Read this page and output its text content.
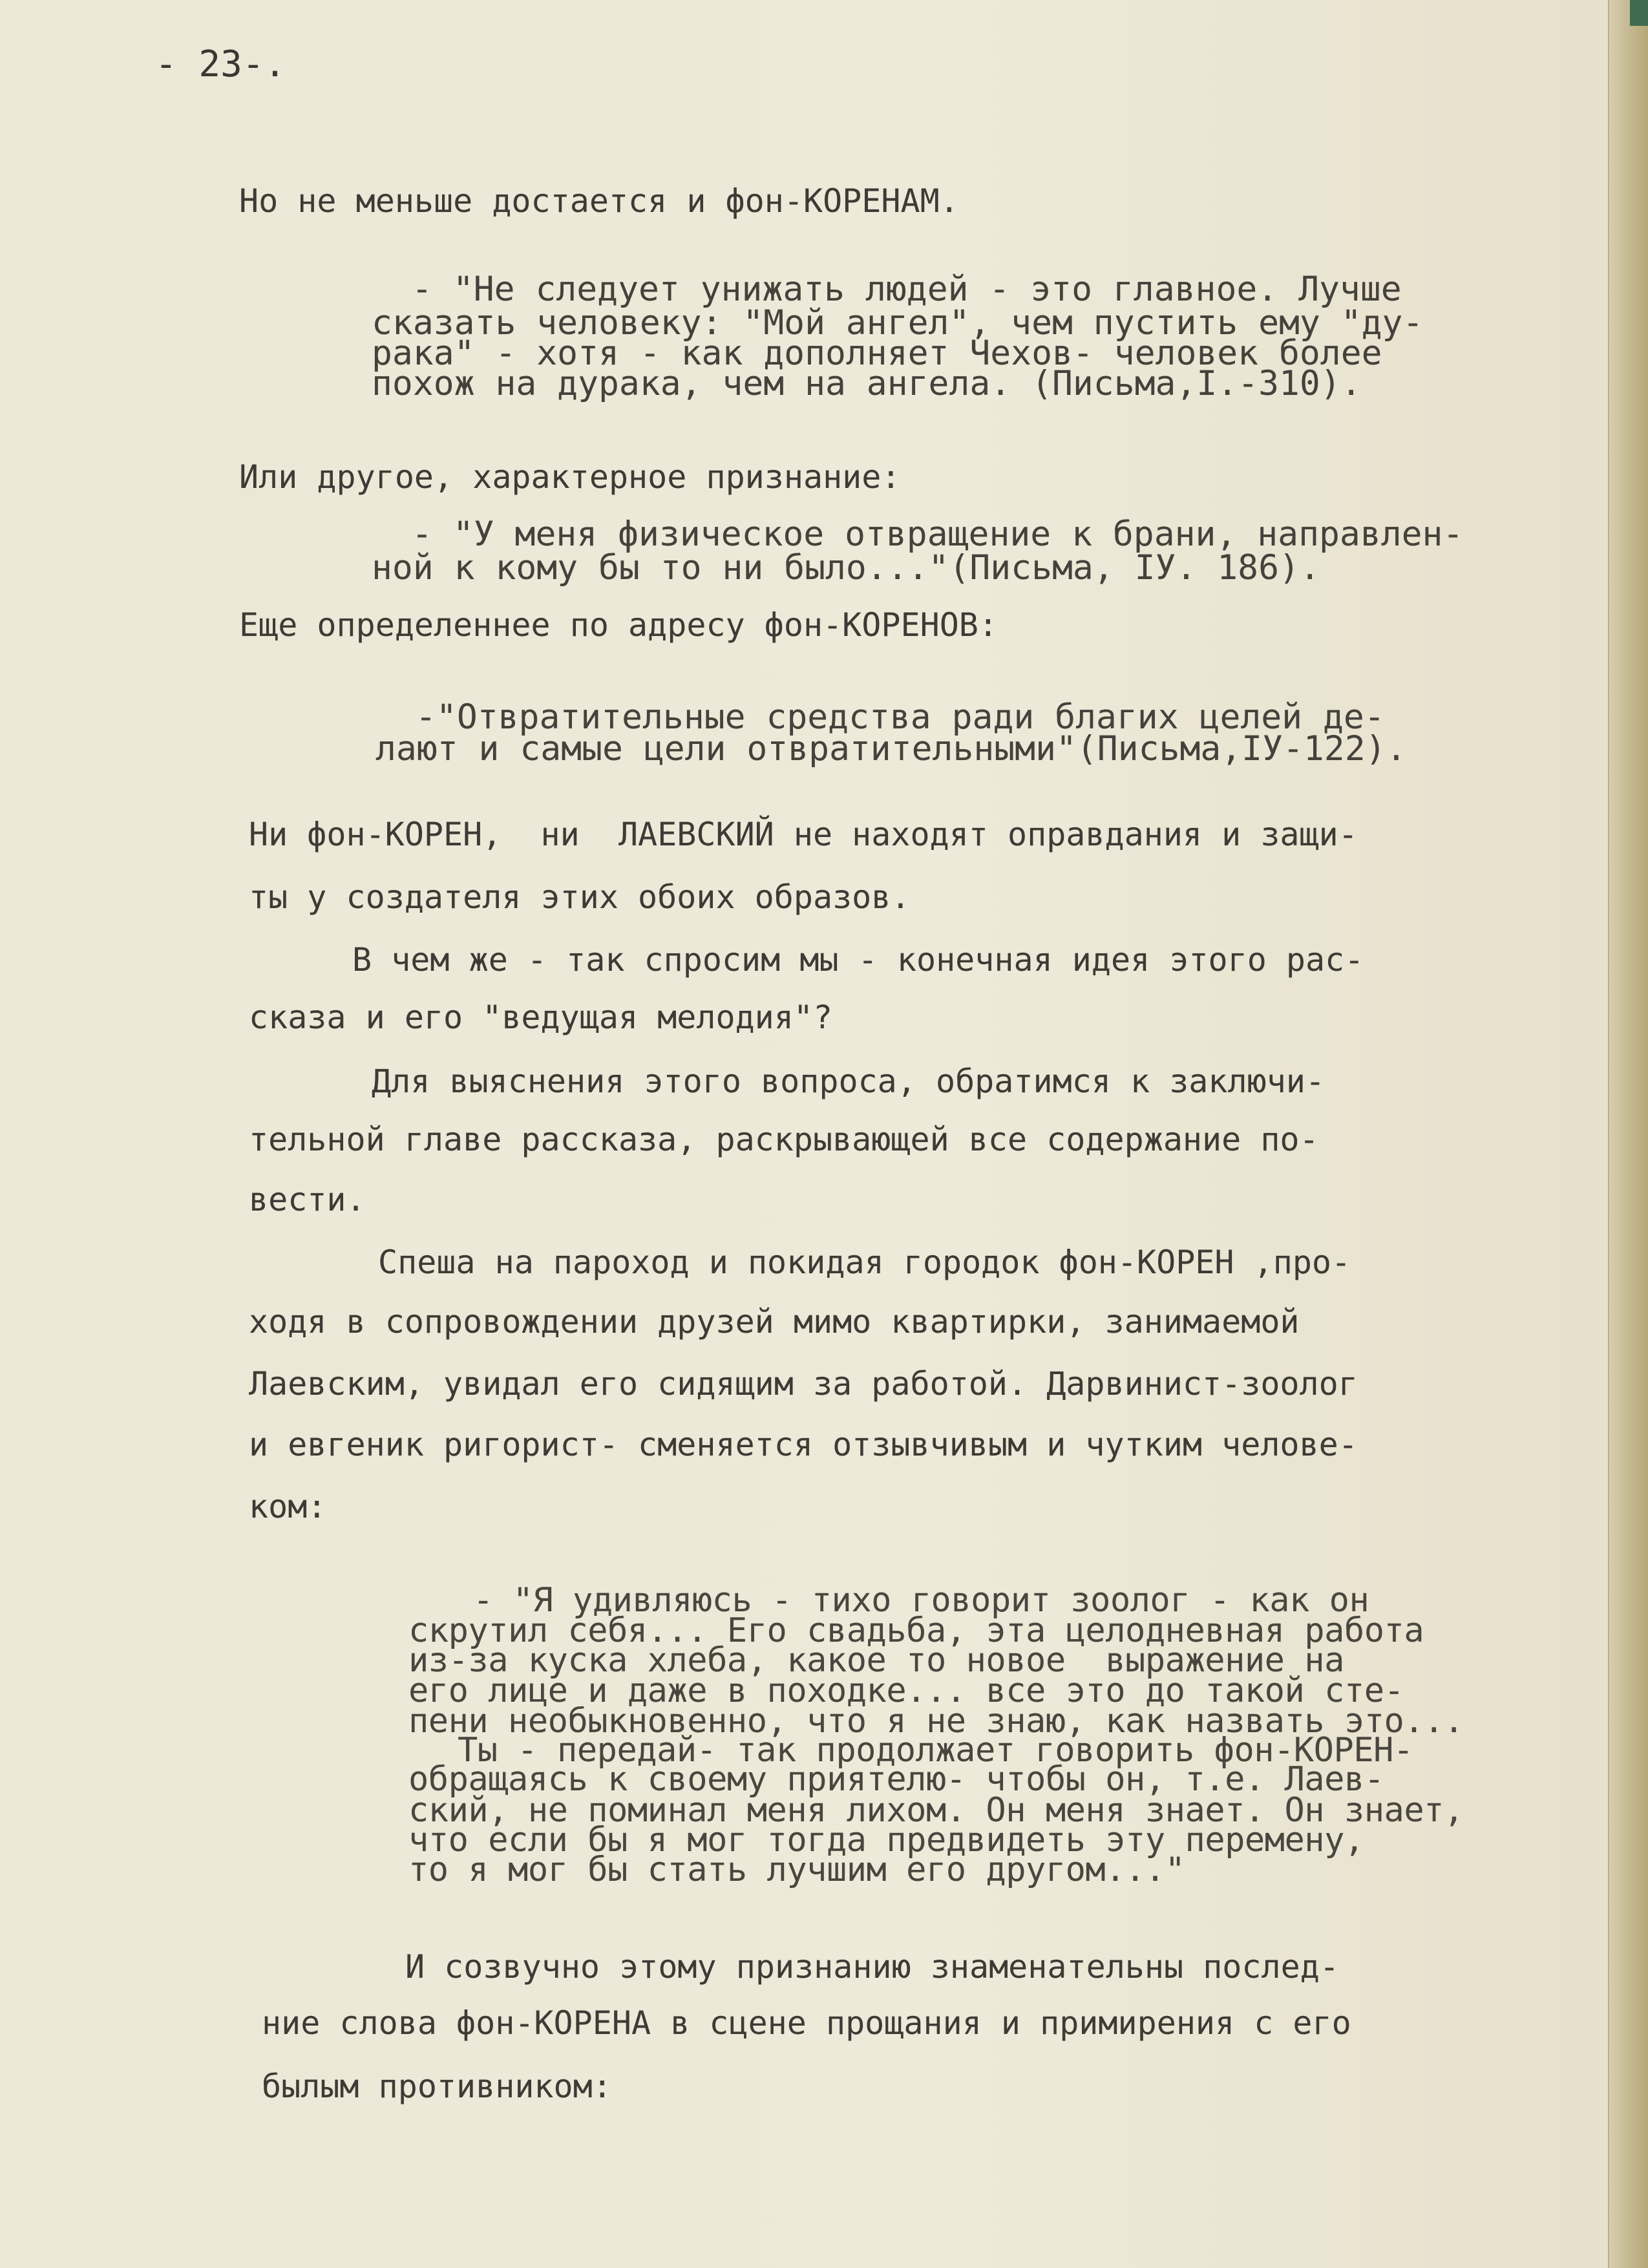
- 23-.

Но не меньше достается и фон-КОРЕНАМ.

- "Не следует унижать людей - это главное. Лучше

сказать человеку: "Мой ангел", чем пустить ему "ду-

рака" - хотя - как дополняет Чехов- человек более

похож на дурака, чем на ангела. (Письма,I.-310).

Или другое, характерное признание:

- "У меня физическое отвращение к брани, направлен-

ной к кому бы то ни было..."(Письма, IУ. 186).

Еще определеннее по адресу фон-КОРЕНОВ:

-"Отвратительные средства ради благих целей де-

лают и самые цели отвратительными"(Письма,IУ-122).

Ни фон-КОРЕН,  ни  ЛАЕВСКИЙ не находят оправдания и защи-

ты у создателя этих обоих образов.

В чем же - так спросим мы - конечная идея этого рас-

сказа и его "ведущая мелодия"?

Для выяснения этого вопроса, обратимся к заключи-

тельной главе рассказа, раскрывающей все содержание по-

вести.

Спеша на пароход и покидая городок фон-КОРЕН ,про-

ходя в сопровождении друзей мимо квартирки, занимаемой

Лаевским, увидал его сидящим за работой. Дарвинист-зоолог

и евгеник ригорист- сменяется отзывчивым и чутким челове-

ком:

- "Я удивляюсь - тихо говорит зоолог - как он

скрутил себя... Его свадьба, эта целодневная работа

из-за куска хлеба, какое то новое  выражение на

его лице и даже в походке... все это до такой сте-

пени необыкновенно, что я не знаю, как назвать это...

Ты - передай- так продолжает говорить фон-КОРЕН-

обращаясь к своему приятелю- чтобы он, т.е. Лаев-

ский, не поминал меня лихом. Он меня знает. Он знает,

что если бы я мог тогда предвидеть эту перемену,

то я мог бы стать лучшим его другом..."

И созвучно этому признанию знаменательны послед-

ние слова фон-КОРЕНА в сцене прощания и примирения с его

былым противником:
